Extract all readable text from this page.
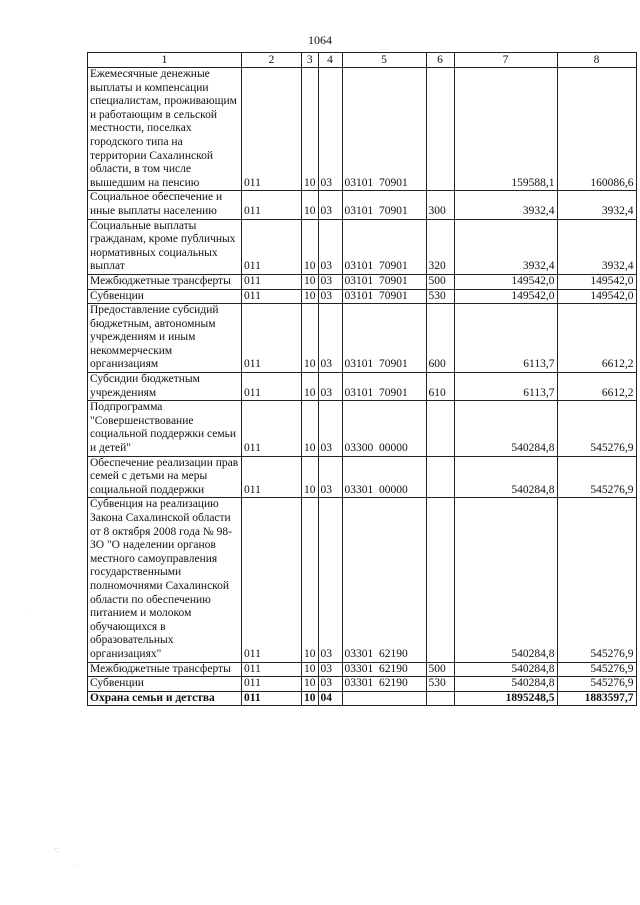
1064
1	2	3	4	5	6	7	8
Ежемесячные денежные выплаты и компенсации специалистам, проживающим и работающим в сельской местности, поселках городского типа на территории Сахалинской области, в том числе вышедшим на пенсию	011	10	03	03101  70901		159588,1	160086,6
Социальное обеспечение и иные выплаты населению	011	10	03	03101  70901	300	3932,4	3932,4
Социальные выплаты гражданам, кроме публичных нормативных социальных выплат	011	10	03	03101  70901	320	3932,4	3932,4
Межбюджетные трансферты	011	10	03	03101  70901	500	149542,0	149542,0
Субвенции	011	10	03	03101  70901	530	149542,0	149542,0
Предоставление субсидий бюджетным, автономным учреждениям и иным некоммерческим организациям	011	10	03	03101  70901	600	6113,7	6612,2
Субсидии бюджетным учреждениям	011	10	03	03101  70901	610	6113,7	6612,2
Подпрограмма "Совершенствование социальной поддержки семьи и детей"	011	10	03	03300  00000		540284,8	545276,9
Обеспечение реализации прав семей с детьми на меры социальной поддержки	011	10	03	03301  00000		540284,8	545276,9
Субвенция на реализацию Закона Сахалинской области от 8 октября 2008 года № 98-ЗО "О наделении органов местного самоуправления государственными полномочиями Сахалинской области по обеспечению питанием и молоком обучающихся в образовательных организациях"	011	10	03	03301  62190		540284,8	545276,9
Межбюджетные трансферты	011	10	03	03301  62190	500	540284,8	545276,9
Субвенции	011	10	03	03301  62190	530	540284,8	545276,9
Охрана семьи и детства	011	10	04			1895248,5	1883597,7
·:
·
·
